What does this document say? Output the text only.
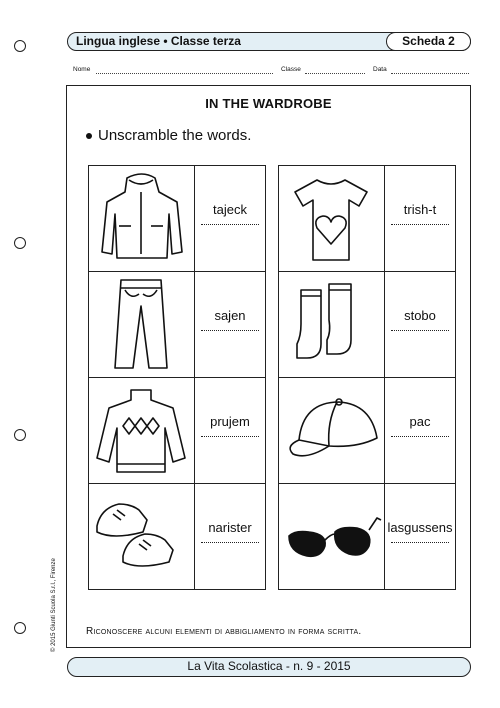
Lingua inglese • Classe terza	Scheda 2
Nome	Classe	Data
IN THE WARDROBE
Unscramble the words.

tajeck

sajen

prujem

narister

trish-t

stobo

pac

lasgussens
Riconoscere alcuni elementi di abbigliamento in forma scritta.
La Vita Scolastica - n. 9 - 2015
© 2015 Giunti Scuola S.r.l., Firenze
